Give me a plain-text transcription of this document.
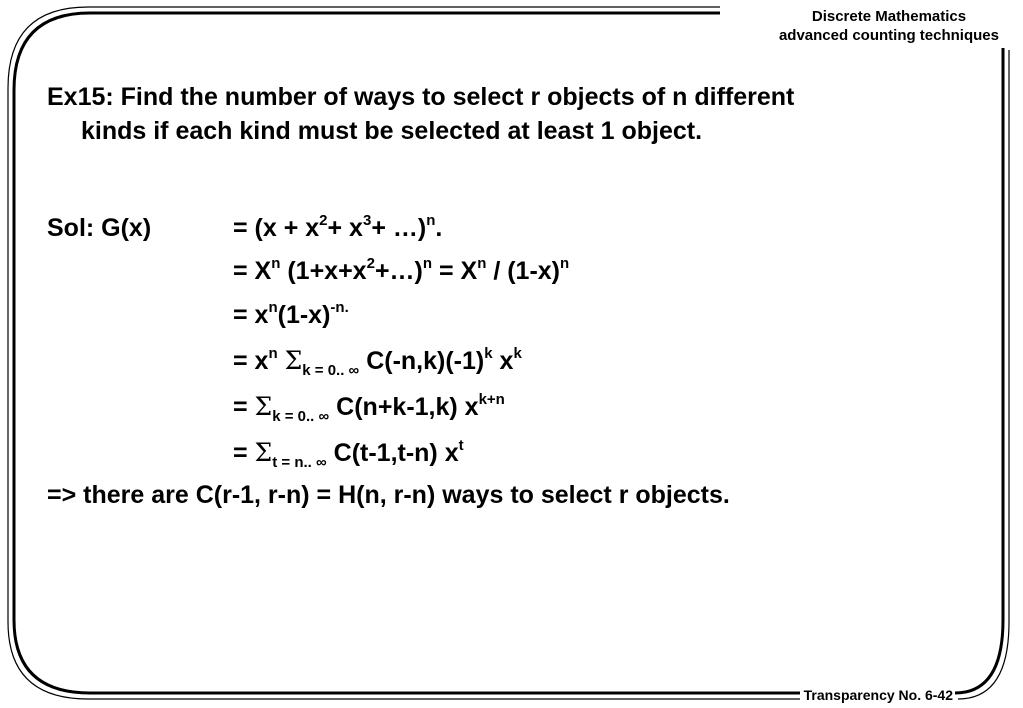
Discrete Mathematics
advanced counting techniques
Ex15: Find the number of ways to select r objects of n different
kinds if each kind must be selected at least 1 object.
Sol: G(x)	= ($x + x^2+ x^3+$ …)$^n$.
= $X^n$ $(1+x+x^2+\dots)^n = X^n / (1-x)^n$
= $x^n(1-x)^{-n.}$
= $x^n$ $\Sigma_{k = 0.. \infty}$ $C(-n,k)(-1)^k$ $x^k$
= $\Sigma_{k = 0.. \infty}$ C(n+k-1,k) $x^{k+n}$
= $\Sigma_{t = n.. \infty}$ C(t-1,t-n) $x^t$
=> there are C(r-1, r-n) = H(n, r-n) ways to select r objects.
Transparency No. 6-42
